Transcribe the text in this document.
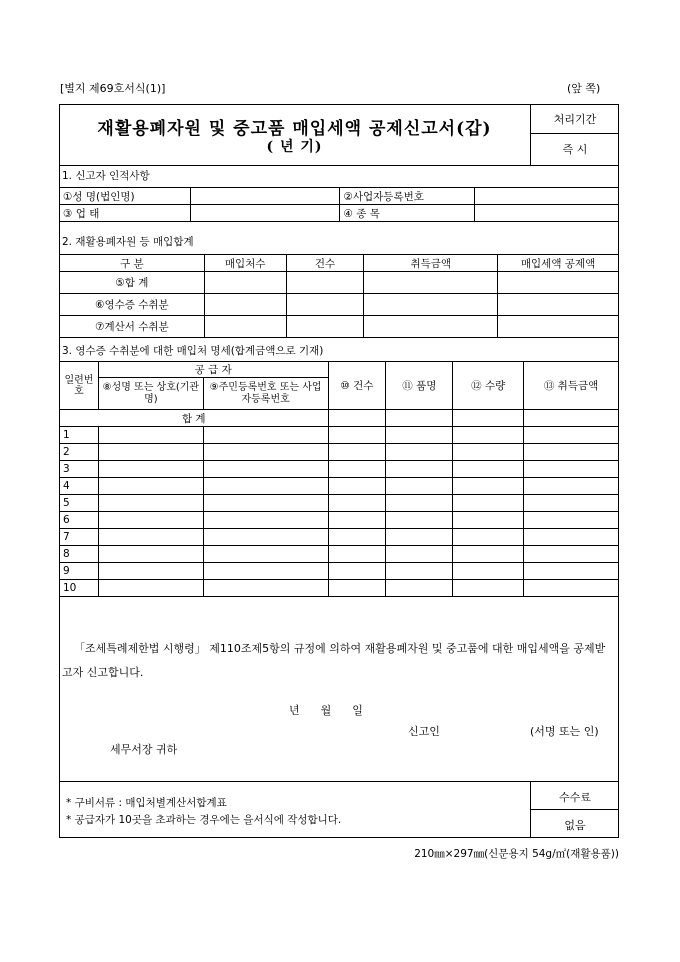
[별지 제69호서식(1)]	(앞 쪽)
재활용폐자원 및 중고품 매입세액 공제신고서(갑)
( 년 기)
처리기간
즉 시
1. 신고자 인적사항
①성 명(법인명)		②사업자등록번호	
③ 업 태		④ 종 목	
2. 재활용폐자원 등 매입합계
구 분	매입처수	건수	취득금액	매입세액 공제액
⑤합 계				
⑥영수증 수취분				
⑦계산서 수취분				
3. 영수증 수취분에 대한 매입처 명세(합계금액으로 기재)
일련번호	공 급 자		⑩ 건수	⑪ 품명	⑫ 수량	⑬ 취득금액
	⑧성명 또는 상호(기관명)	⑨주민등록번호 또는 사업자등록번호				
합 계						
1						
2						
3						
4						
5						
6						
7						
8						
9						
10						
「조세특례제한법 시행령」 제110조제5항의 규정에 의하여 재활용폐자원 및 중고품에 대한 매입세액을 공제받고자 신고합니다.
년      월      일
신고인	(서명 또는 인)
세무서장 귀하
* 구비서류 : 매입처별계산서합계표
* 공급자가 10곳을 초과하는 경우에는 을서식에 작성합니다.
수수료
없음
210㎜×297㎜(신문용지 54g/㎡(재활용품))
